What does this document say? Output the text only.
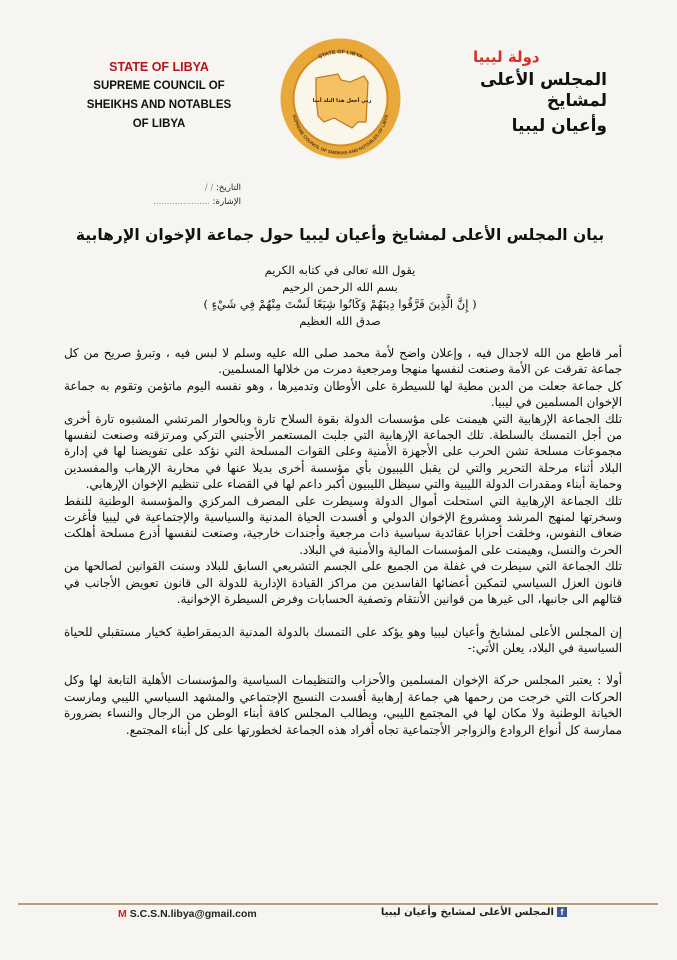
STATE OF LIBYA
SUPREME COUNCIL OF
SHEIKHS AND NOTABLES
OF LIBYA
STATE OF LIBYA
SUPREME COUNCIL OF SHEIKHS AND NOTABLES OF LIBYA
ربي أجعل هذا البلد أمنا
دولة ليبيا
المجلس الأعلى لمشايخ
وأعيان ليبيا
التاريخ: / /
الإشارة: .....................
بيان المجلس الأعلى لمشايخ وأعيان ليبيا حول جماعة الإخوان الإرهابية
يقول الله تعالى في كتابه الكريم
بسم الله الرحمن الرحيم
( إِنَّ الَّذِينَ فَرَّقُوا دِينَهُمْ وَكَانُوا شِيَعًا لَسْتَ مِنْهُمْ فِي شَيْءٍ )
صدق الله العظيم

أمر قاطع من الله لاجدال فيه ، وإعلان واضح لأمة محمد صلى الله عليه وسلم لا لبس فيه ، وتبرؤ صريح من كل جماعة تفرقت عن الأمة وصنعت لنفسها منهجا ومرجعية دمرت من خلالها المسلمين.

كل جماعة جعلت من الدين مطية لها للسيطرة على الأوطان وتدميرها ، وهو نفسه اليوم ماتؤمن وتقوم به جماعة الإخوان المسلمين في ليبيا.

تلك الجماعة الإرهابية التي هيمنت على مؤسسات الدولة بقوة السلاح تارة وبالحوار المرتشي المشبوه تارة أخرى من أجل التمسك بالسلطة. تلك الجماعة الإرهابية التي جلبت المستعمر الأجنبي التركي ومرتزقته وصنعت لنفسها مجموعات مسلحة تشن الحرب على الأجهزة الأمنية وعلى القوات المسلحة التي نؤكد على تفويضنا لها في إدارة البلاد أثناء مرحلة التحرير والتي لن يقبل الليبيون بأي مؤسسة أخرى بديلا عنها في محاربة الإرهاب والمفسدين وحماية أبناء ومقدرات الدولة الليبية والتي سيظل الليبيون أكبر داعم لها في القضاء على تنظيم الإخوان الإرهابي.

تلك الجماعة الإرهابية التي استحلت أموال الدولة وسيطرت على المصرف المركزي والمؤسسة الوطنية للنفط وسخرتها لمنهج المرشد ومشروع الإخوان الدولي و أفسدت الحياة المدنية والسياسية والإجتماعية في ليبيا فأغرت ضعاف النفوس، وخلقت أحزابا عقائدية سياسية ذات مرجعية وأجندات خارجية، وصنعت لنفسها أذرع مسلحة أهلكت الحرث والنسل، وهيمنت على المؤسسات المالية والأمنية في البلاد.

تلك الجماعة التي سيطرت في غفلة من الجميع على الجسم التشريعي السابق للبلاد وسنت القوانين لصالحها من قانون العزل السياسي لتمكين أعضائها الفاسدين من مراكز القيادة الإدارية للدولة الى قانون تعويض الأجانب في قتالهم الى جانبها، الى غيرها من قوانين الأنتقام وتصفية الحسابات وفرض السيطرة الإخوانية.

إن المجلس الأعلى لمشايخ وأعيان ليبيا وهو يؤكد على التمسك بالدولة المدنية الديمقراطية كخيار مستقبلي للحياة السياسية في البلاد، يعلن الأتي:-

أولا : يعتبر المجلس حركة الإخوان المسلمين والأحزاب والتنظيمات السياسية والمؤسسات الأهلية التابعة لها وكل الحركات التي خرجت من رحمها هي جماعة إرهابية أفسدت النسيج الإجتماعي والمشهد السياسي الليبي ومارست الخيانة الوطنية ولا مكان لها في المجتمع الليبي، ويطالب المجلس كافة أبناء الوطن من الرجال والنساء بضرورة ممارسة كل أنواع الروادع والزواجر الأجتماعية تجاه أفراد هذه الجماعة لخطورتها على كل أبناء المجتمع.

M S.C.S.N.libya@gmail.com	fالمجلس الأعلى لمشايخ وأعيان ليبيا
